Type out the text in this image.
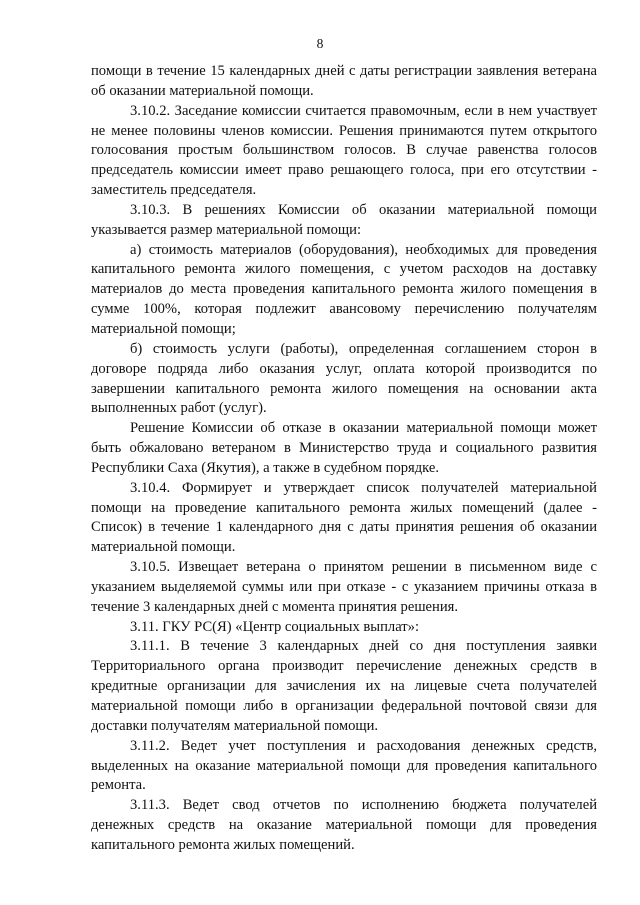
8

помощи в течение 15 календарных дней с даты регистрации заявления ветерана об оказании материальной помощи.

3.10.2. Заседание комиссии считается правомочным, если в нем участвует не менее половины членов комиссии. Решения принимаются путем открытого голосования простым большинством голосов. В случае равенства голосов председатель комиссии имеет право решающего голоса, при его отсутствии - заместитель председателя.

3.10.3. В решениях Комиссии об оказании материальной помощи указывается размер материальной помощи:

а) стоимость материалов (оборудования), необходимых для проведения капитального ремонта жилого помещения, с учетом расходов на доставку материалов до места проведения капитального ремонта жилого помещения в сумме 100%, которая подлежит авансовому перечислению получателям материальной помощи;

б) стоимость услуги (работы), определенная соглашением сторон в договоре подряда либо оказания услуг, оплата которой производится по завершении капитального ремонта жилого помещения на основании акта выполненных работ (услуг).

Решение Комиссии об отказе в оказании материальной помощи может быть обжаловано ветераном в Министерство труда и социального развития Республики Саха (Якутия), а также в судебном порядке.

3.10.4. Формирует и утверждает список получателей материальной помощи на проведение капитального ремонта жилых помещений (далее - Список) в течение 1 календарного дня с даты принятия решения об оказании материальной помощи.

3.10.5. Извещает ветерана о принятом решении в письменном виде с указанием выделяемой суммы или при отказе - с указанием причины отказа в течение 3 календарных дней с момента принятия решения.

3.11. ГКУ РС(Я) «Центр социальных выплат»:

3.11.1. В течение 3 календарных дней со дня поступления заявки Территориального органа производит перечисление денежных средств в кредитные организации для зачисления их на лицевые счета получателей материальной помощи либо в организации федеральной почтовой связи для доставки получателям материальной помощи.

3.11.2. Ведет учет поступления и расходования денежных средств, выделенных на оказание материальной помощи для проведения капитального ремонта.

3.11.3. Ведет свод отчетов по исполнению бюджета получателей денежных средств на оказание материальной помощи для проведения капитального ремонта жилых помещений.
